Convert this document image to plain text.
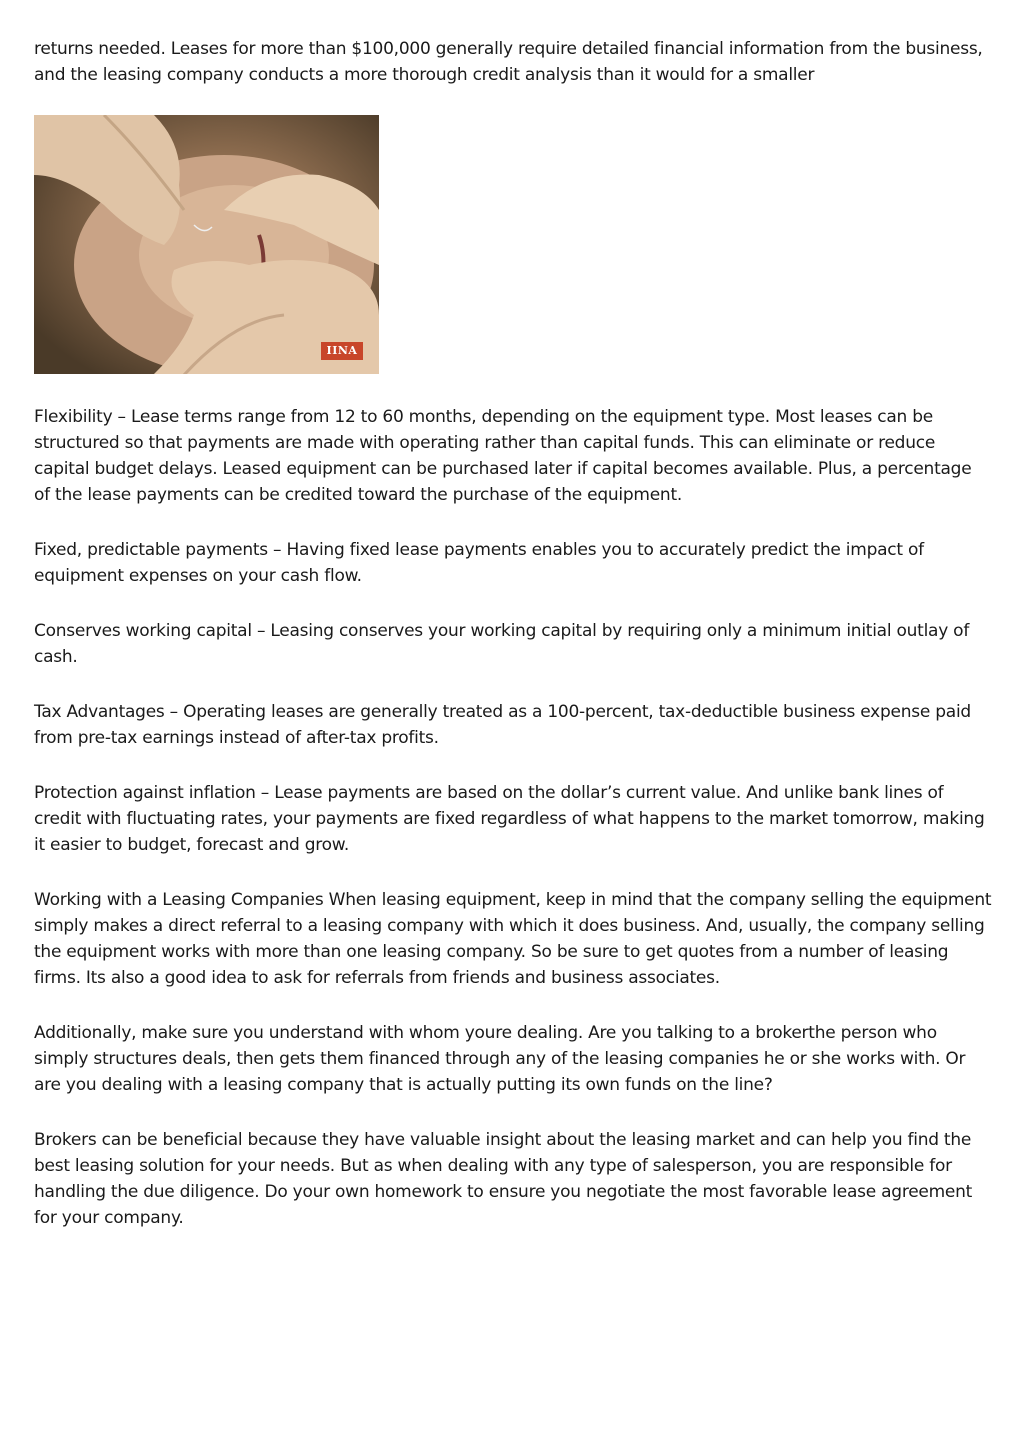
returns needed. Leases for more than $100,000 generally require detailed financial information from the business, and the leasing company conducts a more thorough credit analysis than it would for a smaller

IINA

Flexibility – Lease terms range from 12 to 60 months, depending on the equipment type. Most leases can be structured so that payments are made with operating rather than capital funds. This can eliminate or reduce capital budget delays. Leased equipment can be purchased later if capital becomes available. Plus, a percentage of the lease payments can be credited toward the purchase of the equipment.

Fixed, predictable payments – Having fixed lease payments enables you to accurately predict the impact of equipment expenses on your cash flow.

Conserves working capital – Leasing conserves your working capital by requiring only a minimum initial outlay of cash.

Tax Advantages – Operating leases are generally treated as a 100-percent, tax-deductible business expense paid from pre-tax earnings instead of after-tax profits.

Protection against inflation – Lease payments are based on the dollar’s current value. And unlike bank lines of credit with fluctuating rates, your payments are fixed regardless of what happens to the market tomorrow, making it easier to budget, forecast and grow.

Working with a Leasing Companies When leasing equipment, keep in mind that the company selling the equipment simply makes a direct referral to a leasing company with which it does business. And, usually, the company selling the equipment works with more than one leasing company. So be sure to get quotes from a number of leasing firms. Its also a good idea to ask for referrals from friends and business associates.

Additionally, make sure you understand with whom youre dealing. Are you talking to a brokerthe person who simply structures deals, then gets them financed through any of the leasing companies he or she works with. Or are you dealing with a leasing company that is actually putting its own funds on the line?

Brokers can be beneficial because they have valuable insight about the leasing market and can help you find the best leasing solution for your needs. But as when dealing with any type of salesperson, you are responsible for handling the due diligence. Do your own homework to ensure you negotiate the most favorable lease agreement for your company.
